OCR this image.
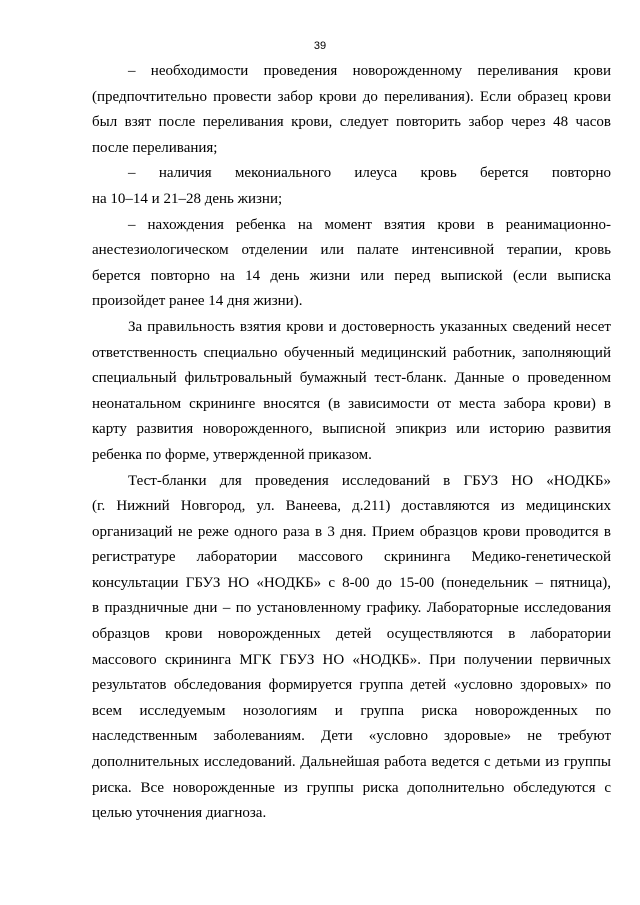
39

– необходимости проведения новорожденному переливания крови

(предпочтительно провести забор крови до переливания). Если образец крови

был взят после переливания крови, следует повторить забор через 48 часов

после переливания;

– наличия мекониального илеуса кровь берется повторно

на 10–14 и 21–28 день жизни;

– нахождения ребенка на момент взятия крови в реанимационно-

анестезиологическом отделении или палате интенсивной терапии, кровь

берется повторно на 14 день жизни или перед выпиской (если выписка

произойдет ранее 14 дня жизни).

За правильность взятия крови и достоверность указанных сведений несет

ответственность специально обученный медицинский работник, заполняющий

специальный фильтровальный бумажный тест-бланк. Данные о проведенном

неонатальном скрининге вносятся (в зависимости от места забора крови) в

карту развития новорожденного, выписной эпикриз или историю развития

ребенка по форме, утвержденной приказом.

Тест-бланки для проведения исследований в ГБУЗ НО «НОДКБ»

(г. Нижний Новгород, ул. Ванеева, д.211) доставляются из медицинских

организаций не реже одного раза в 3 дня. Прием образцов крови проводится в

регистратуре лаборатории массового скрининга Медико-генетической

консультации ГБУЗ НО «НОДКБ» с 8-00 до 15-00 (понедельник – пятница),

в праздничные дни – по установленному графику. Лабораторные исследования

образцов крови новорожденных детей осуществляются в лаборатории

массового скрининга МГК ГБУЗ НО «НОДКБ». При получении первичных

результатов обследования формируется группа детей «условно здоровых» по

всем исследуемым нозологиям и группа риска новорожденных по

наследственным заболеваниям. Дети «условно здоровые» не требуют

дополнительных исследований. Дальнейшая работа ведется с детьми из группы

риска. Все новорожденные из группы риска дополнительно обследуются с

целью уточнения диагноза.
